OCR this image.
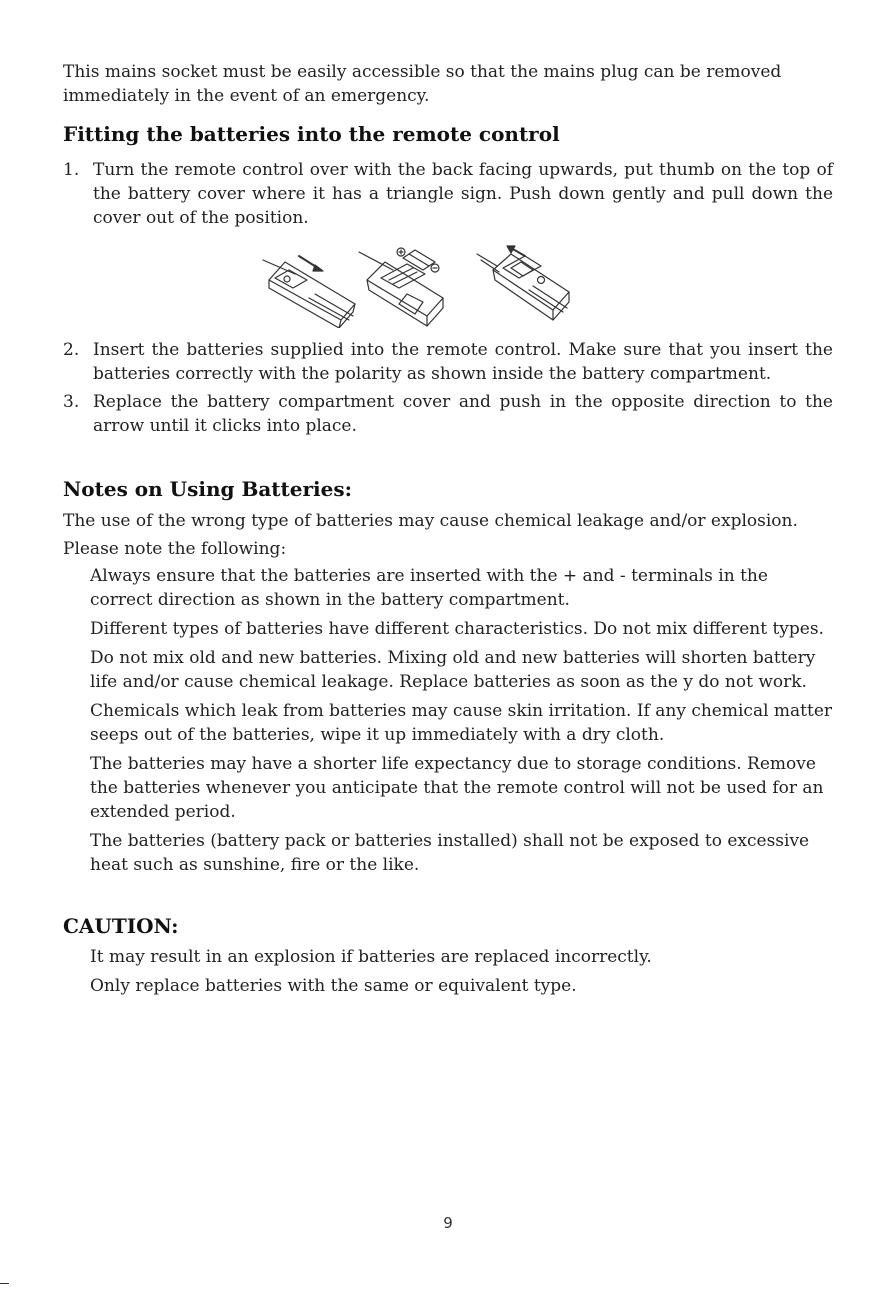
This mains socket must be easily accessible so that the mains plug can be removed immediately in the event of an emergency.

Fitting the batteries into the remote control
1. Turn the remote control over with the back facing upwards, put thumb on the top of the battery cover where it has a triangle sign. Push down gently and pull down the cover out of the position.
2. Insert the batteries supplied into the remote control. Make sure that you insert the batteries correctly with the polarity as shown inside the battery compartment.
3. Replace the battery compartment cover and push in the opposite direction to the arrow until it clicks into place.
Notes on Using Batteries:

The use of the wrong type of batteries may cause chemical leakage and/or explosion.

Please note the following:

Always ensure that the batteries are inserted with the + and - terminals in the correct direction as shown in the battery compartment.
Different types of batteries have different characteristics. Do not mix different types.
Do not mix old and new batteries. Mixing old and new batteries will shorten battery life and/or cause chemical leakage. Replace batteries as soon as the y do not work.
Chemicals which leak from batteries may cause skin irritation. If any chemical matter seeps out of the batteries, wipe it up immediately with a dry cloth.
The batteries may have a shorter life expectancy due to storage conditions. Remove the batteries whenever you anticipate that the remote control will not be used for an extended period.
The batteries (battery pack or batteries installed) shall not be exposed to excessive heat such as sunshine, fire or the like.
CAUTION:
It may result in an explosion if batteries are replaced incorrectly.
Only replace batteries with the same or equivalent type.
9
